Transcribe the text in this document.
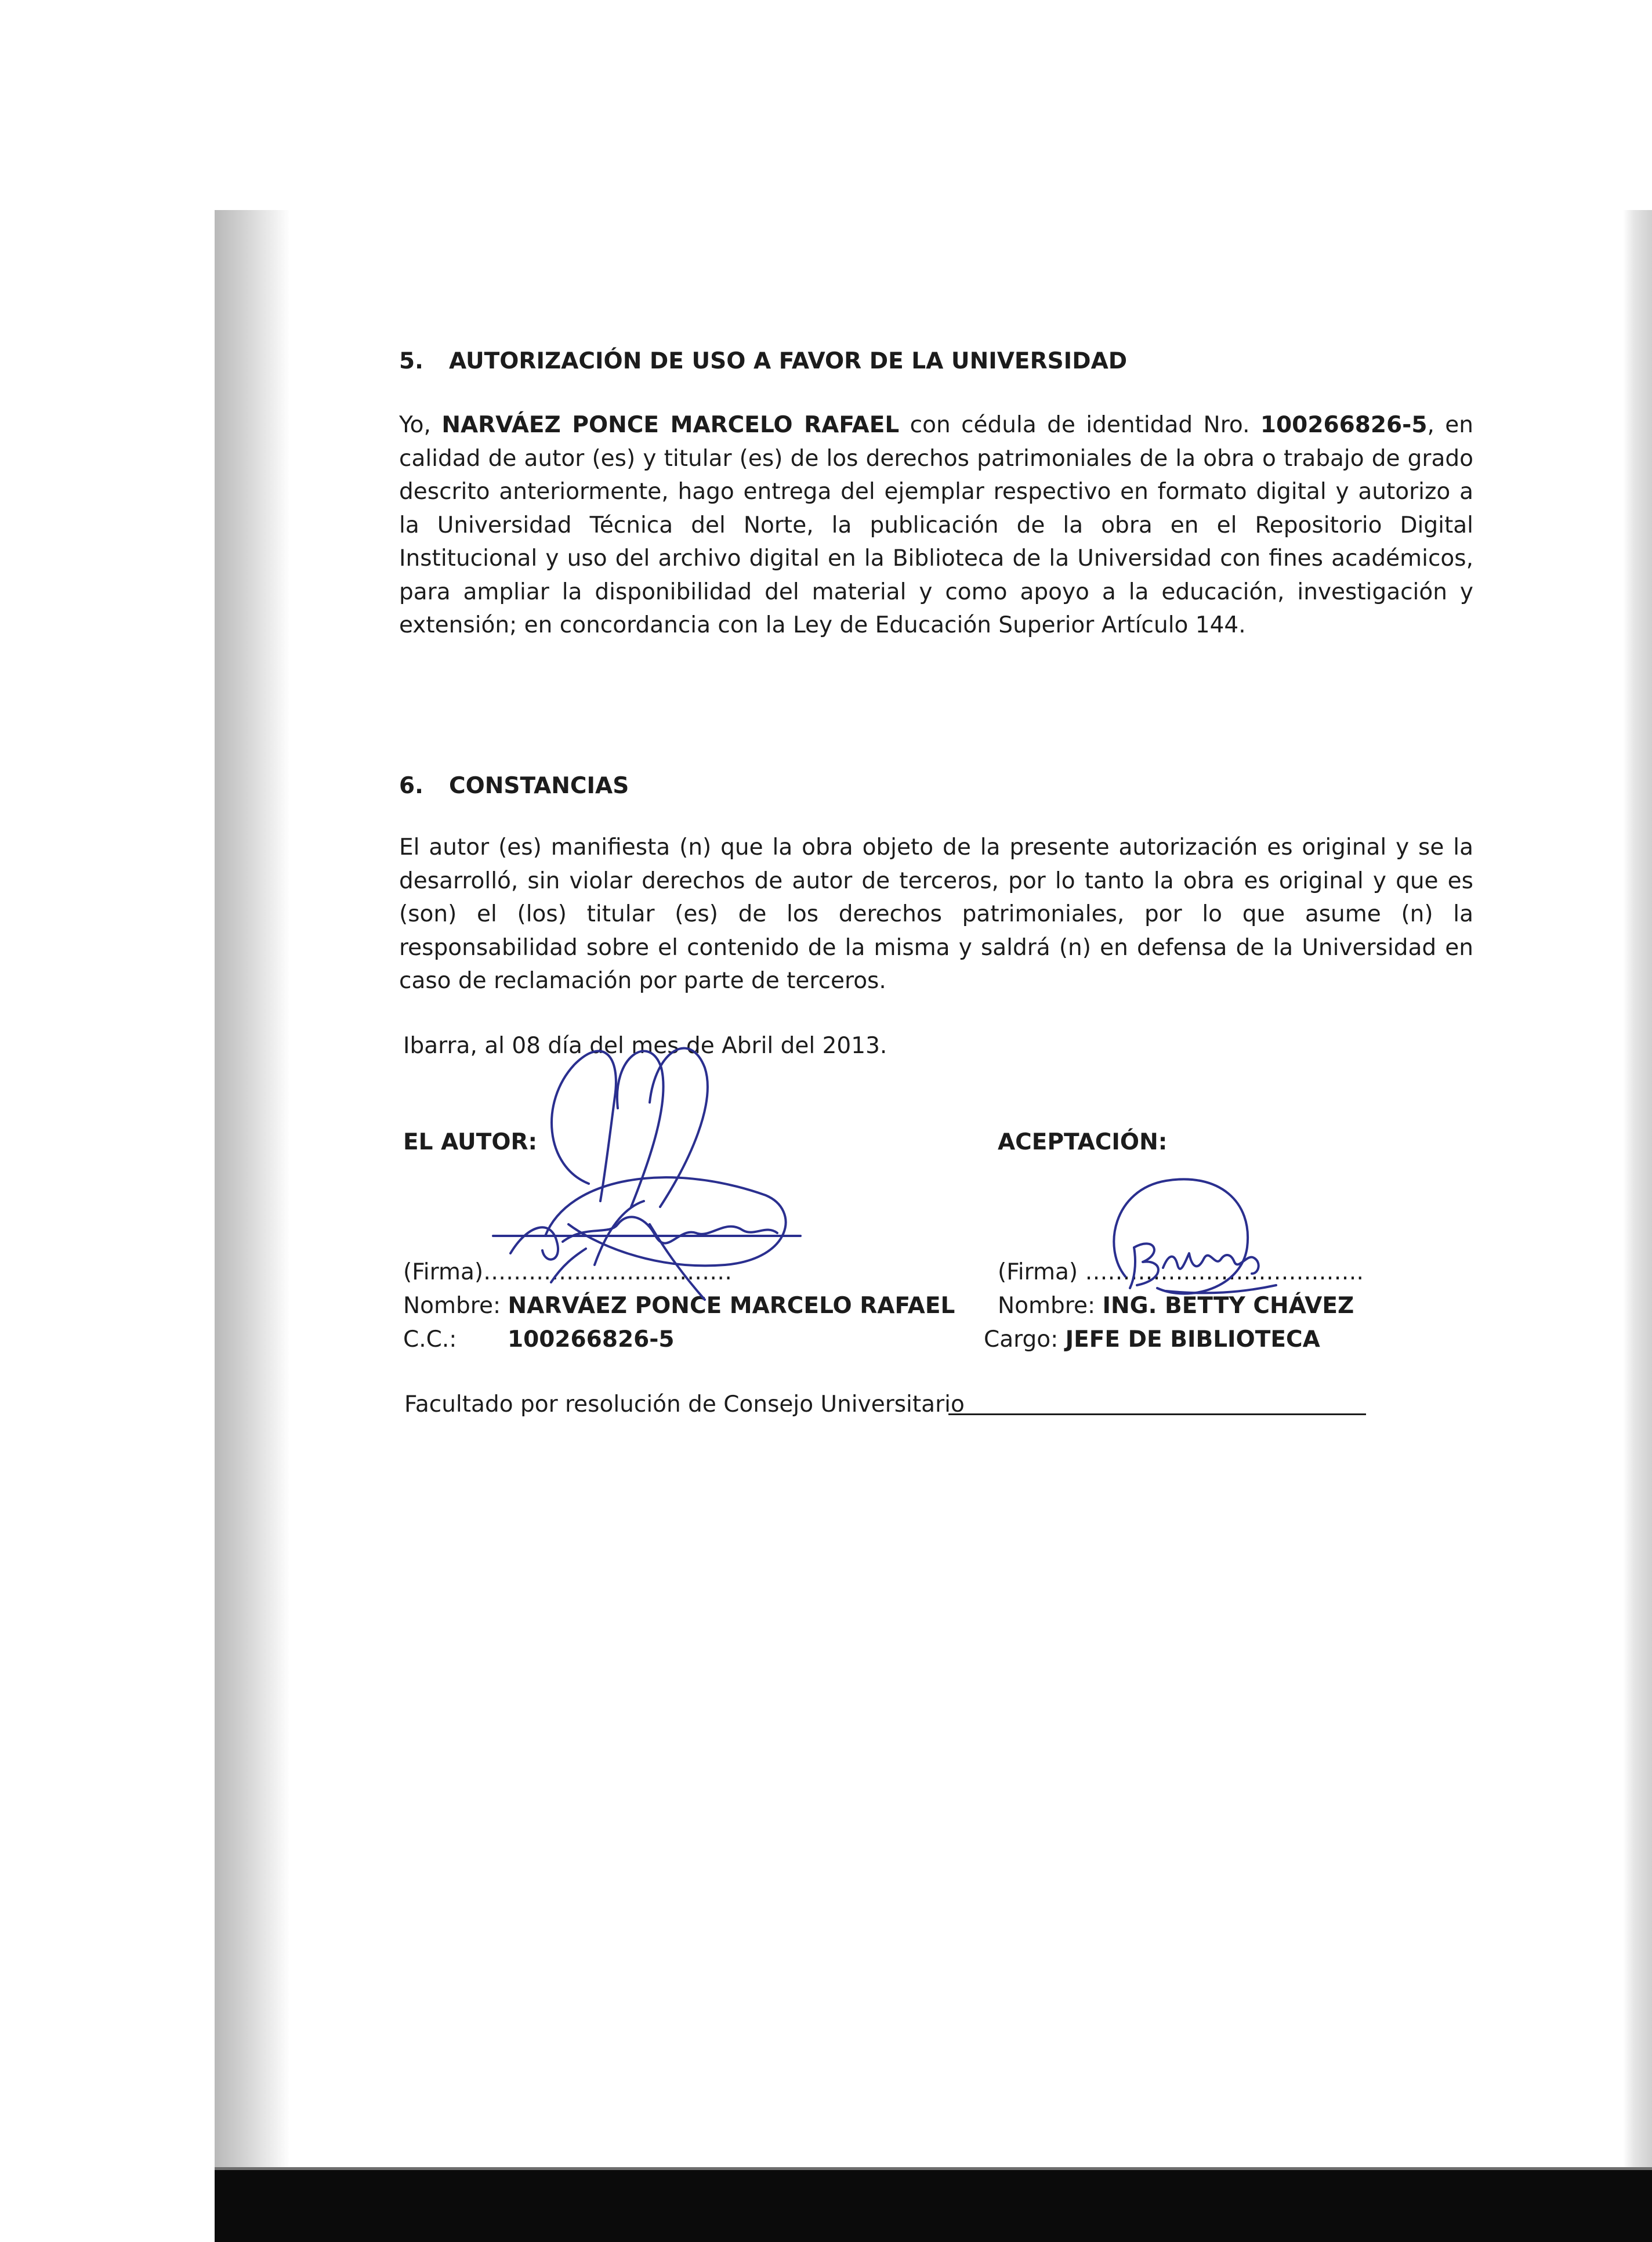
5. AUTORIZACIÓN DE USO A FAVOR DE LA UNIVERSIDAD
Yo, NARVÁEZ PONCE MARCELO RAFAEL con cédula de identidad Nro. 100266826-5, en calidad de autor (es) y titular (es) de los derechos patrimoniales de la obra o trabajo de grado descrito anteriormente, hago entrega del ejemplar respectivo en formato digital y autorizo a la Universidad Técnica del Norte, la publicación de la obra en el Repositorio Digital Institucional y uso del archivo digital en la Biblioteca de la Universidad con fines académicos, para ampliar la disponibilidad del material y como apoyo a la educación, investigación y extensión; en concordancia con la Ley de Educación Superior Artículo 144.
6. CONSTANCIAS
El autor (es) manifiesta (n) que la obra objeto de la presente autorización es original y se la desarrolló, sin violar derechos de autor de terceros, por lo tanto la obra es original y que es (son) el (los) titular (es) de los derechos patrimoniales, por lo que asume (n) la responsabilidad sobre el contenido de la misma y saldrá (n) en defensa de la Universidad en caso de reclamación por parte de terceros.
Ibarra, al 08 día del mes de Abril del 2013.
EL AUTOR:
(Firma)……………………………
Nombre: NARVÁEZ PONCE MARCELO RAFAEL
C.C.: 100266826-5
ACEPTACIÓN:
(Firma) ……………………………….
Nombre: ING. BETTY CHÁVEZ
Cargo: JEFE DE BIBLIOTECA
Facultado por resolución de Consejo Universitario
